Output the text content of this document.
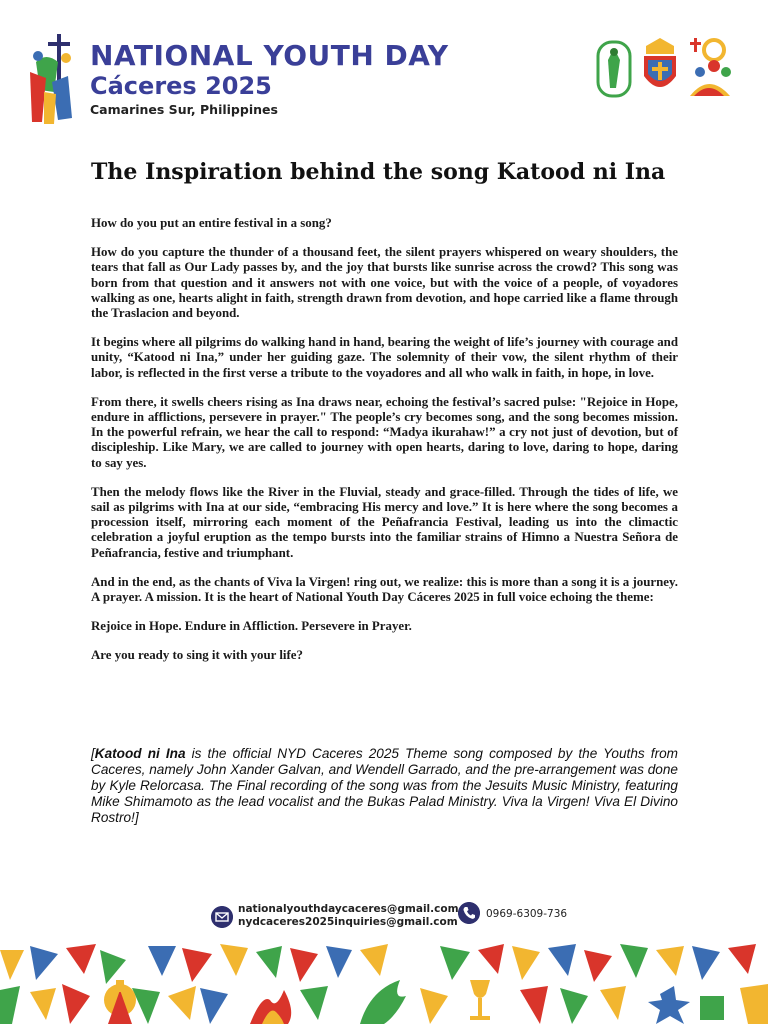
NATIONAL YOUTH DAY
Cáceres 2025
Camarines Sur, Philippines
The Inspiration behind the song Katood ni Ina

How do you put an entire festival in a song?

How do you capture the thunder of a thousand feet, the silent prayers whispered on weary shoulders, the tears that fall as Our Lady passes by, and the joy that bursts like sunrise across the crowd? This song was born from that question and it answers not with one voice, but with the voice of a people, of voyadores walking as one, hearts alight in faith, strength drawn from devotion, and hope carried like a flame through the Traslacion and beyond.

It begins where all pilgrims do walking hand in hand, bearing the weight of life’s journey with courage and unity, “Katood ni Ina,” under her guiding gaze. The solemnity of their vow, the silent rhythm of their labor, is reflected in the first verse a tribute to the voyadores and all who walk in faith, in hope, in love.

From there, it swells cheers rising as Ina draws near, echoing the festival’s sacred pulse: "Rejoice in Hope, endure in afflictions, persevere in prayer." The people’s cry becomes song, and the song becomes mission. In the powerful refrain, we hear the call to respond: “Madya ikurahaw!” a cry not just of devotion, but of discipleship. Like Mary, we are called to journey with open hearts, daring to love, daring to hope, daring to say yes.

Then the melody flows like the River in the Fluvial, steady and grace-filled. Through the tides of life, we sail as pilgrims with Ina at our side, “embracing His mercy and love.” It is here where the song becomes a procession itself, mirroring each moment of the Peñafrancia Festival, leading us into the climactic celebration a joyful eruption as the tempo bursts into the familiar strains of Himno a Nuestra Señora de Peñafrancia, festive and triumphant.

And in the end, as the chants of Viva la Virgen! ring out, we realize: this is more than a song it is a journey. A prayer. A mission. It is the heart of National Youth Day Cáceres 2025 in full voice echoing the theme:

Rejoice in Hope. Endure in Affliction. Persevere in Prayer.

Are you ready to sing it with your life?

[Katood ni Ina is the official NYD Caceres 2025 Theme song composed by the Youths from Caceres, namely John Xander Galvan, and Wendell Garrado, and the pre-arrangement was done by Kyle Relorcasa. The Final recording of the song was from the Jesuits Music Ministry, featuring Mike Shimamoto as the lead vocalist and the Bukas Palad Ministry. Viva la Virgen! Viva El Divino Rostro!]

nationalyouthdaycaceres@gmail.com
nydcaceres2025inquiries@gmail.com
0969-6309-736
